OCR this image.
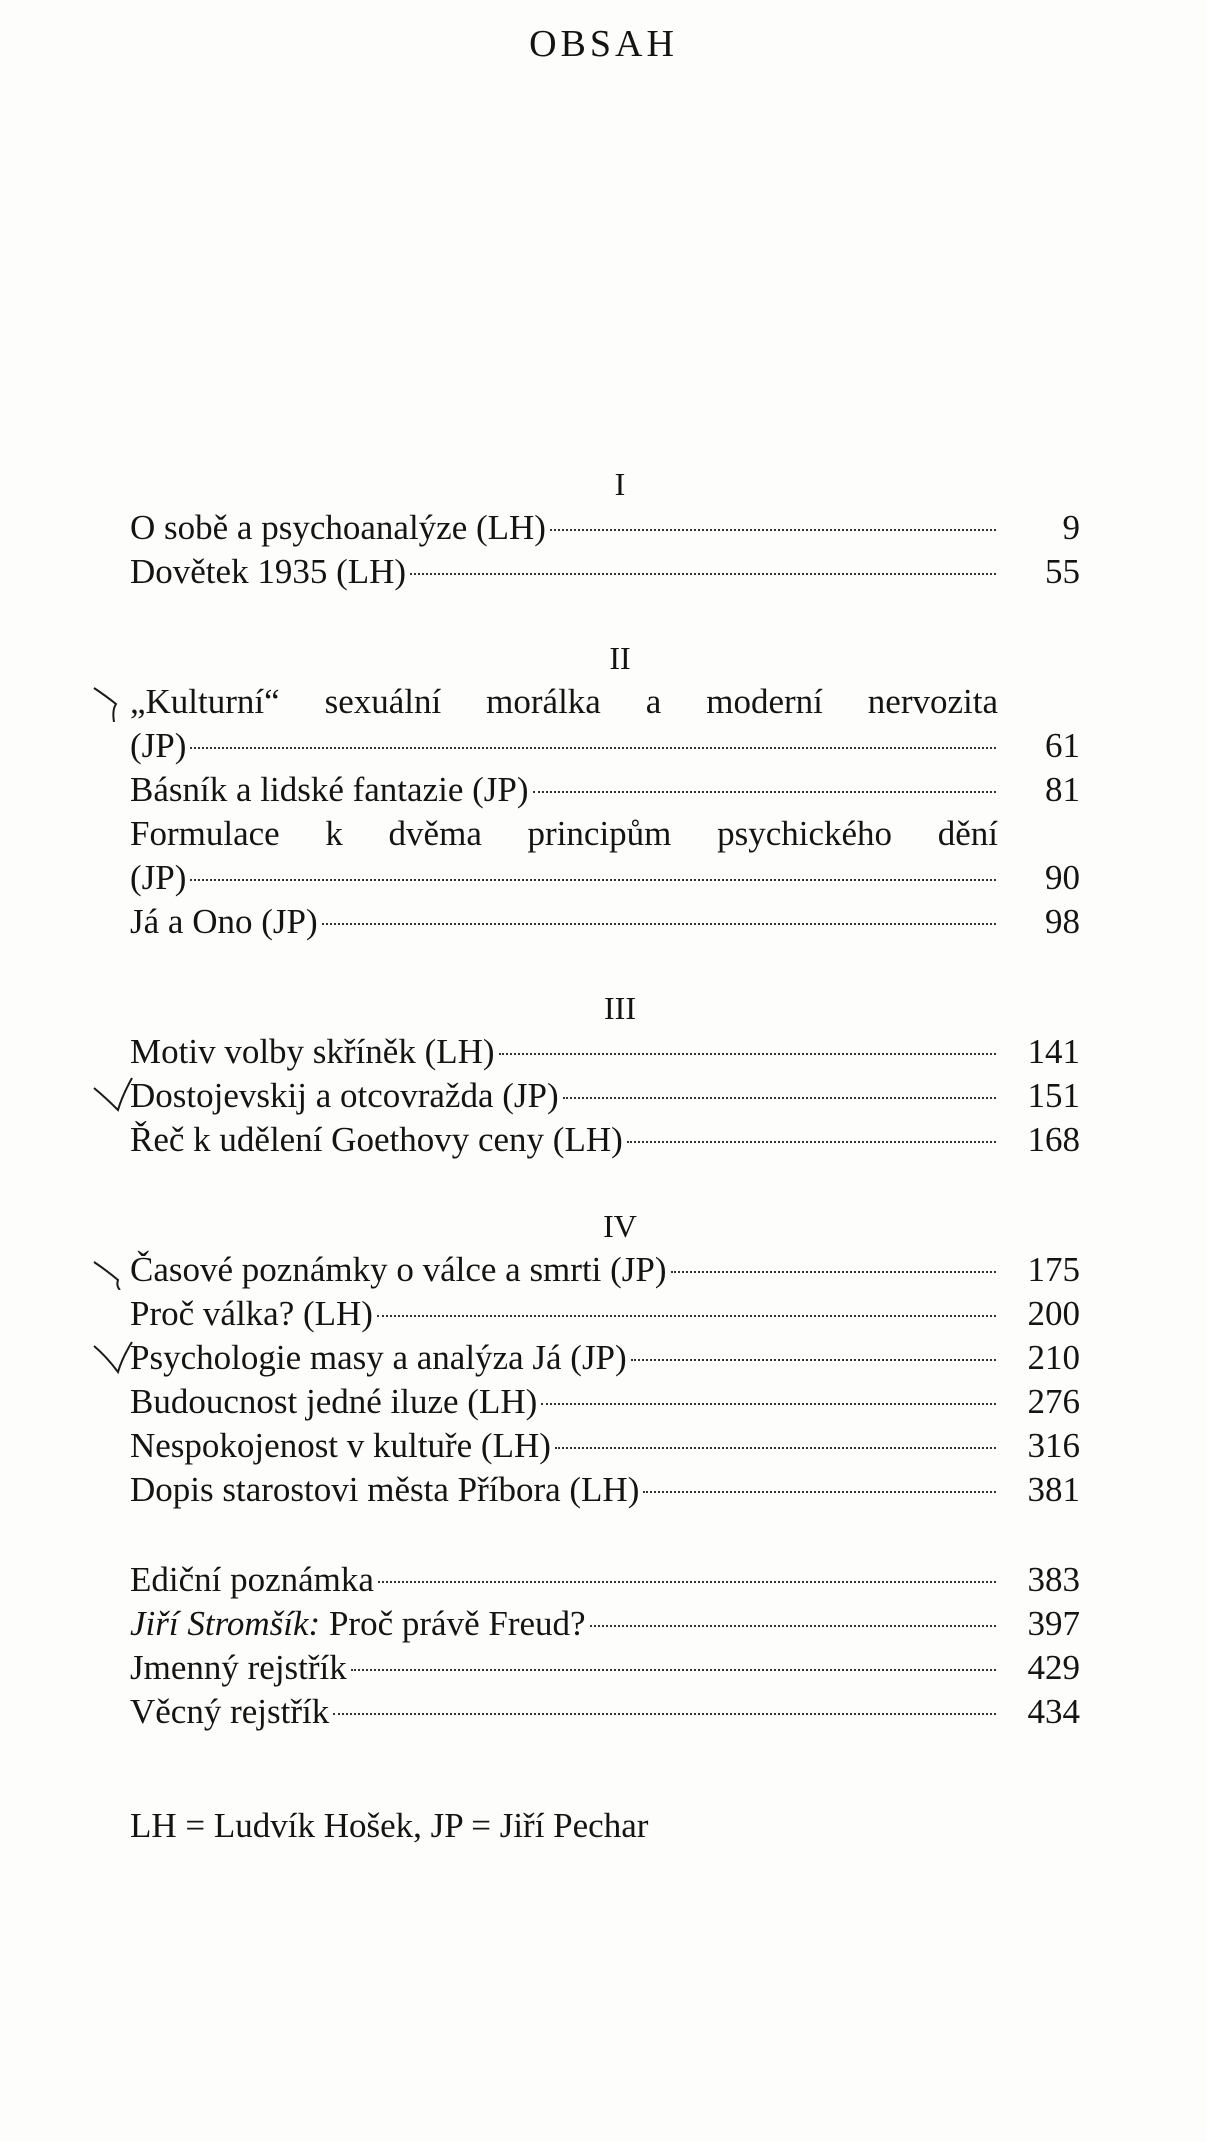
OBSAH
I
O sobě a psychoanalýze (LH)	9
Dovětek 1935 (LH)	55
II
„Kulturní“ sexuální morálka a moderní nervozita
(JP)	61
Básník a lidské fantazie (JP)	81
Formulace k dvěma principům psychického dění
(JP)	90
Já a Ono (JP)	98
III
Motiv volby skříněk (LH)	141
Dostojevskij a otcovražda (JP)	151
Řeč k udělení Goethovy ceny (LH)	168
IV
Časové poznámky o válce a smrti (JP)	175
Proč válka? (LH)	200
Psychologie masy a analýza Já (JP)	210
Budoucnost jedné iluze (LH)	276
Nespokojenost v kultuře (LH)	316
Dopis starostovi města Příbora (LH)	381
Ediční poznámka	383
Jiří Stromšík: Proč právě Freud?	397
Jmenný rejstřík	429
Věcný rejstřík	434
LH = Ludvík Hošek, JP = Jiří Pechar
